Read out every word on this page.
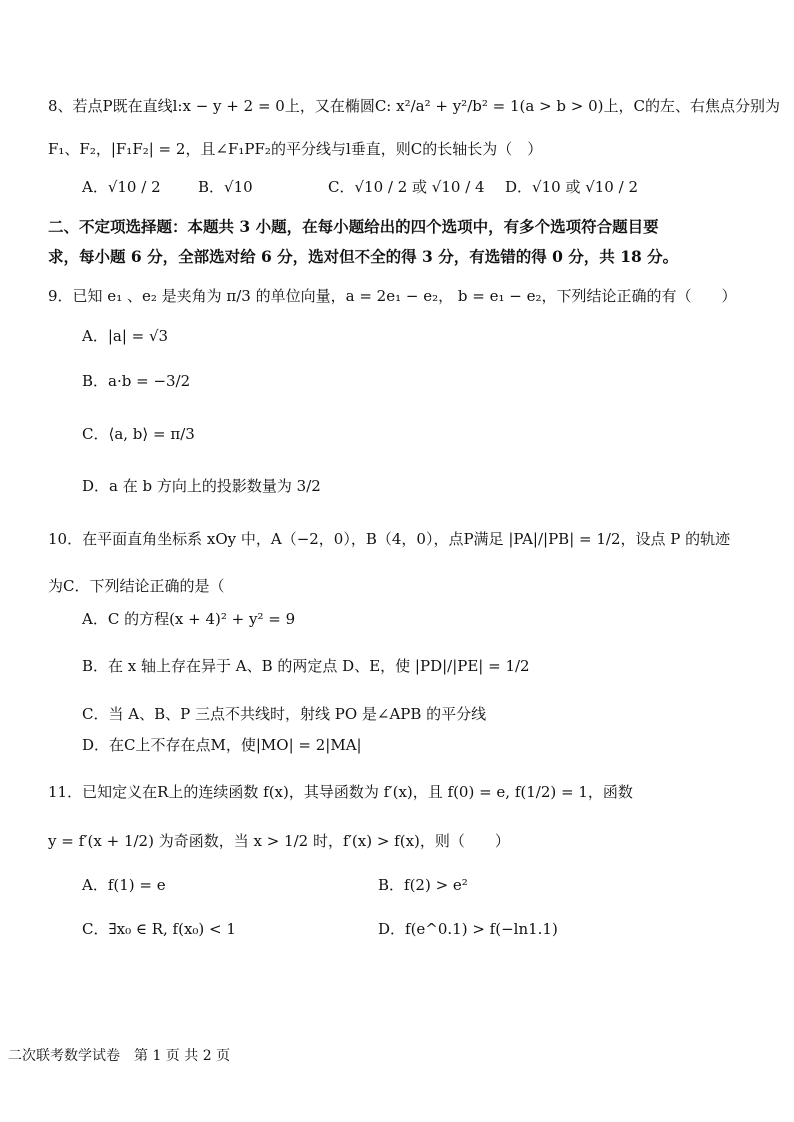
8、若点P既在直线l:x − y + 2 = 0上，又在椭圆C: x²/a² + y²/b² = 1(a > b > 0)上，C的左、右焦点分别为
F₁、F₂，|F₁F₂| = 2，且∠F₁PF₂的平分线与l垂直，则C的长轴长为（　）
A．√10 / 2 B．√10	C．√10 / 2 或 √10 / 4 D．√10 或 √10 / 2
二、不定项选择题：本题共 3 小题，在每小题给出的四个选项中，有多个选项符合题目要
求，每小题 6 分，全部选对给 6 分，选对但不全的得 3 分，有选错的得 0 分，共 18 分。
9．已知 e₁ 、e₂ 是夹角为 π/3 的单位向量，a = 2e₁ − e₂， b = e₁ − e₂，下列结论正确的有（　　）
A．|a| = √3
B．a·b = −3/2
C．⟨a, b⟩ = π/3
D．a 在 b 方向上的投影数量为 3/2
10．在平面直角坐标系 xOy 中，A（−2，0），B（4，0），点P满足 |PA|/|PB| = 1/2，设点 P 的轨迹
为C．下列结论正确的是（
A．C 的方程(x + 4)² + y² = 9
B．在 x 轴上存在异于 A、B 的两定点 D、E，使 |PD|/|PE| = 1/2
C．当 A、B、P 三点不共线时，射线 PO 是∠APB 的平分线
D．在C上不存在点M，使|MO| = 2|MA|
11．已知定义在R上的连续函数 f(x)，其导函数为 f′(x)，且 f(0) = e, f(1/2) = 1，函数
y = f′(x + 1/2) 为奇函数，当 x > 1/2 时，f′(x) > f(x)，则（　　）
A．f(1) = e	B．f(2) > e²
C．∃x₀ ∈ R, f(x₀) < 1	D．f(e^0.1) > f(−ln1.1)
二次联考数学试卷　第 1 页 共 2 页
